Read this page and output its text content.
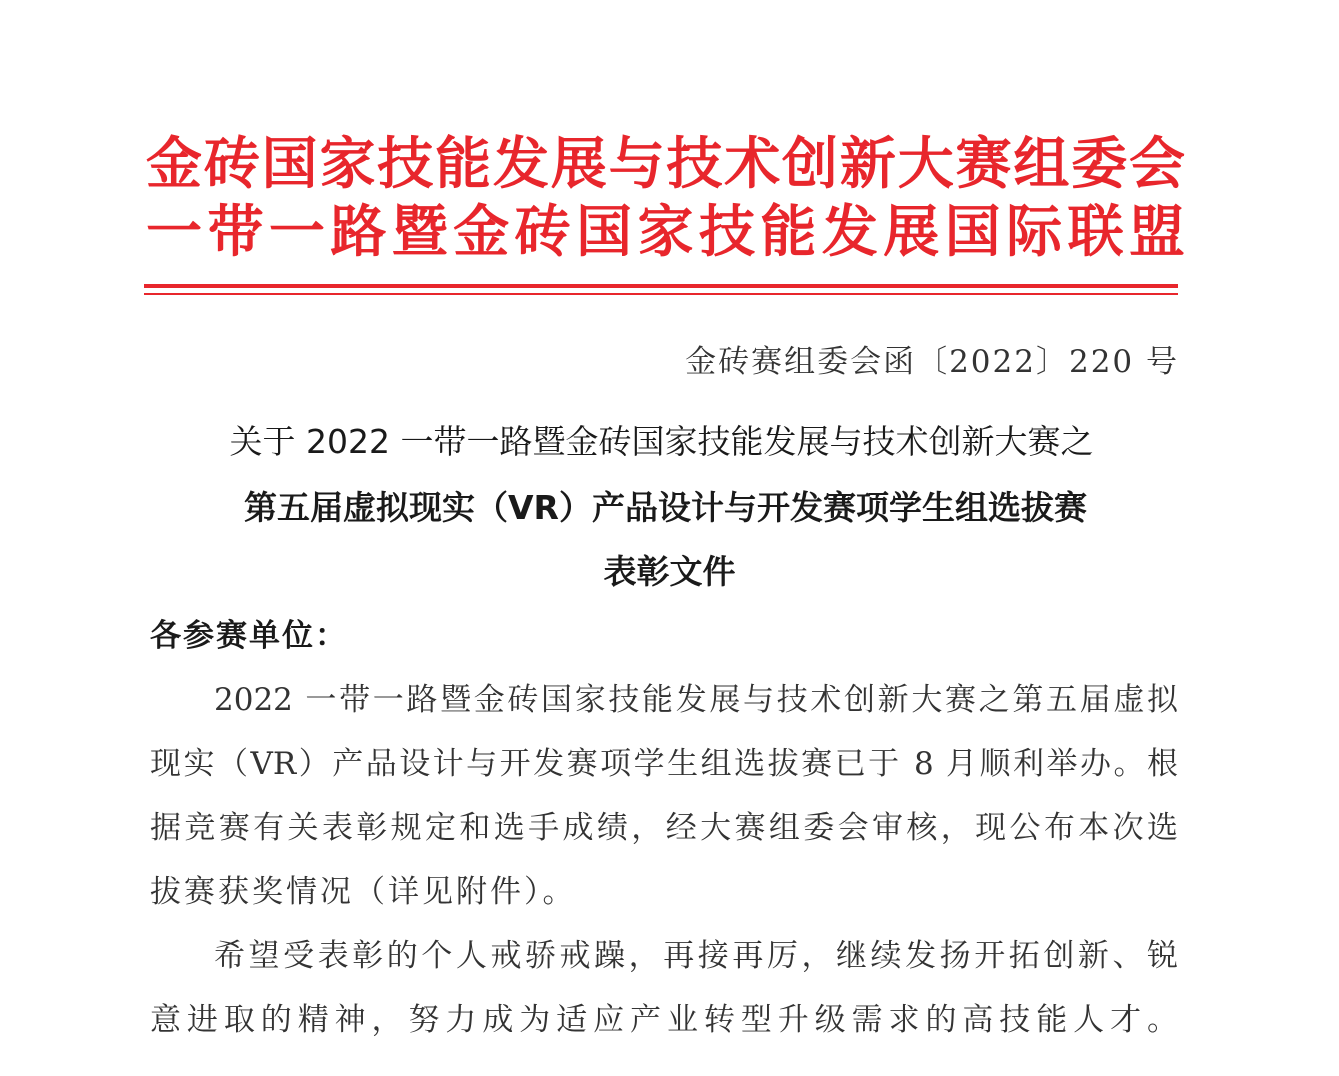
金砖国家技能发展与技术创新大赛组委会
一带一路暨金砖国家技能发展国际联盟
金砖赛组委会函〔2022〕220 号
关于 2022 一带一路暨金砖国家技能发展与技术创新大赛之
第五届虚拟现实（VR）产品设计与开发赛项学生组选拔赛
表彰文件
各参赛单位：
2022 一带一路暨金砖国家技能发展与技术创新大赛之第五届虚拟
现实（VR）产品设计与开发赛项学生组选拔赛已于 8 月顺利举办。根
据竞赛有关表彰规定和选手成绩，经大赛组委会审核，现公布本次选
拔赛获奖情况（详见附件）。
希望受表彰的个人戒骄戒躁，再接再厉，继续发扬开拓创新、锐
意进取的精神，努力成为适应产业转型升级需求的高技能人才。
